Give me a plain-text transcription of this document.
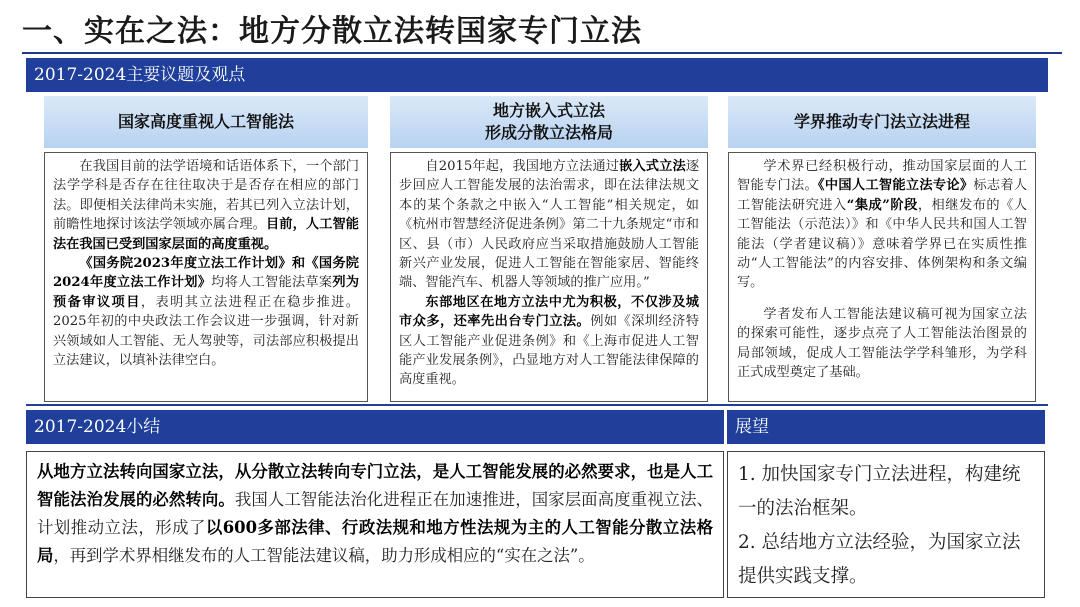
一、实在之法：地方分散立法转国家专门立法
2017-2024主要议题及观点
国家高度重视人工智能法

在我国目前的法学语境和话语体系下，一个部门法学学科是否存在往往取决于是否存在相应的部门法。即便相关法律尚未实施，若其已列入立法计划，前瞻性地探讨该法学领域亦属合理。目前，人工智能法在我国已受到国家层面的高度重视。

《国务院2023年度立法工作计划》和《国务院2024年度立法工作计划》均将人工智能法草案列为预备审议项目，表明其立法进程正在稳步推进。2025年初的中央政法工作会议进一步强调，针对新兴领域如人工智能、无人驾驶等，司法部应积极提出立法建议，以填补法律空白。

地方嵌入式立法
形成分散立法格局

自2015年起，我国地方立法通过嵌入式立法逐步回应人工智能发展的法治需求，即在法律法规文本的某个条款之中嵌入“人工智能”相关规定，如《杭州市智慧经济促进条例》第二十九条规定“市和区、县（市）人民政府应当采取措施鼓励人工智能新兴产业发展，促进人工智能在智能家居、智能终端、智能汽车、机器人等领域的推广应用。”

东部地区在地方立法中尤为积极，不仅涉及城市众多，还率先出台专门立法。例如《深圳经济特区人工智能产业促进条例》和《上海市促进人工智能产业发展条例》，凸显地方对人工智能法律保障的高度重视。

学界推动专门法立法进程

学术界已经积极行动，推动国家层面的人工智能专门法。《中国人工智能立法专论》标志着人工智能法研究进入“集成”阶段，相继发布的《人工智能法（示范法）》和《中华人民共和国人工智能法（学者建议稿）》意味着学界已在实质性推动“人工智能法”的内容安排、体例架构和条文编写。

学者发布人工智能法建议稿可视为国家立法的探索可能性，逐步点亮了人工智能法治图景的局部领域，促成人工智能法学学科雏形，为学科正式成型奠定了基础。

2017-2024小结	展望
从地方立法转向国家立法，从分散立法转向专门立法，是人工智能发展的必然要求，也是人工智能法治发展的必然转向。我国人工智能法治化进程正在加速推进，国家层面高度重视立法、计划推动立法，形成了以600多部法律、行政法规和地方性法规为主的人工智能分散立法格局，再到学术界相继发布的人工智能法建议稿，助力形成相应的“实在之法”。
1. 加快国家专门立法进程，构建统一的法治框架。
2. 总结地方立法经验，为国家立法提供实践支撑。
